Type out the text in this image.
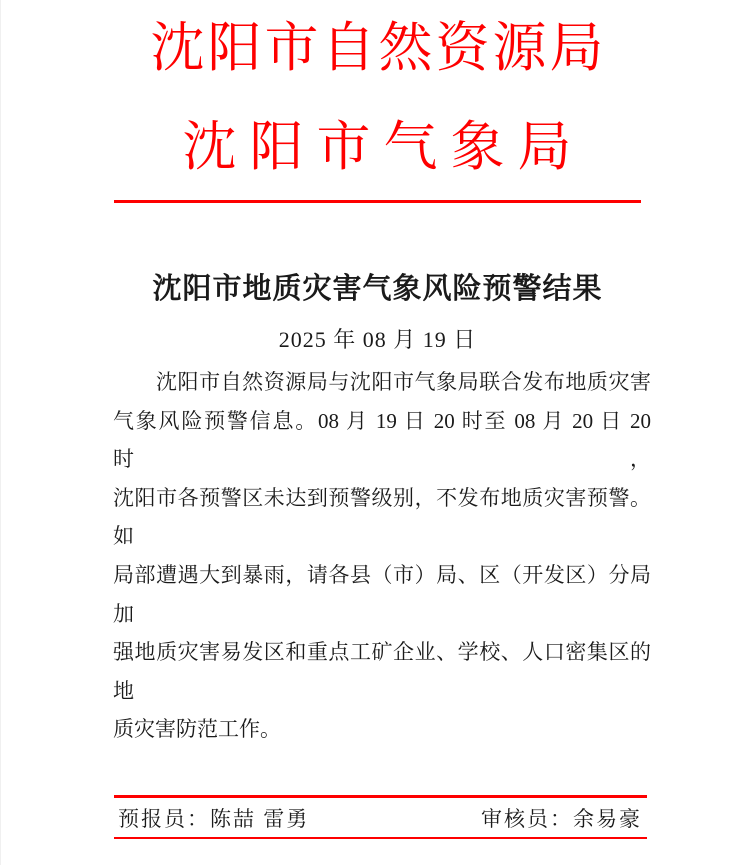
沈阳市自然资源局
沈阳市气象局
沈阳市地质灾害气象风险预警结果
2025 年 08 月 19 日
沈阳市自然资源局与沈阳市气象局联合发布地质灾害
气象风险预警信息。08 月 19 日 20 时至 08 月 20 日 20 时，
沈阳市各预警区未达到预警级别，不发布地质灾害预警。如
局部遭遇大到暴雨，请各县（市）局、区（开发区）分局加
强地质灾害易发区和重点工矿企业、学校、人口密集区的地
质灾害防范工作。
预报员：陈喆 雷勇	审核员：余易豪
